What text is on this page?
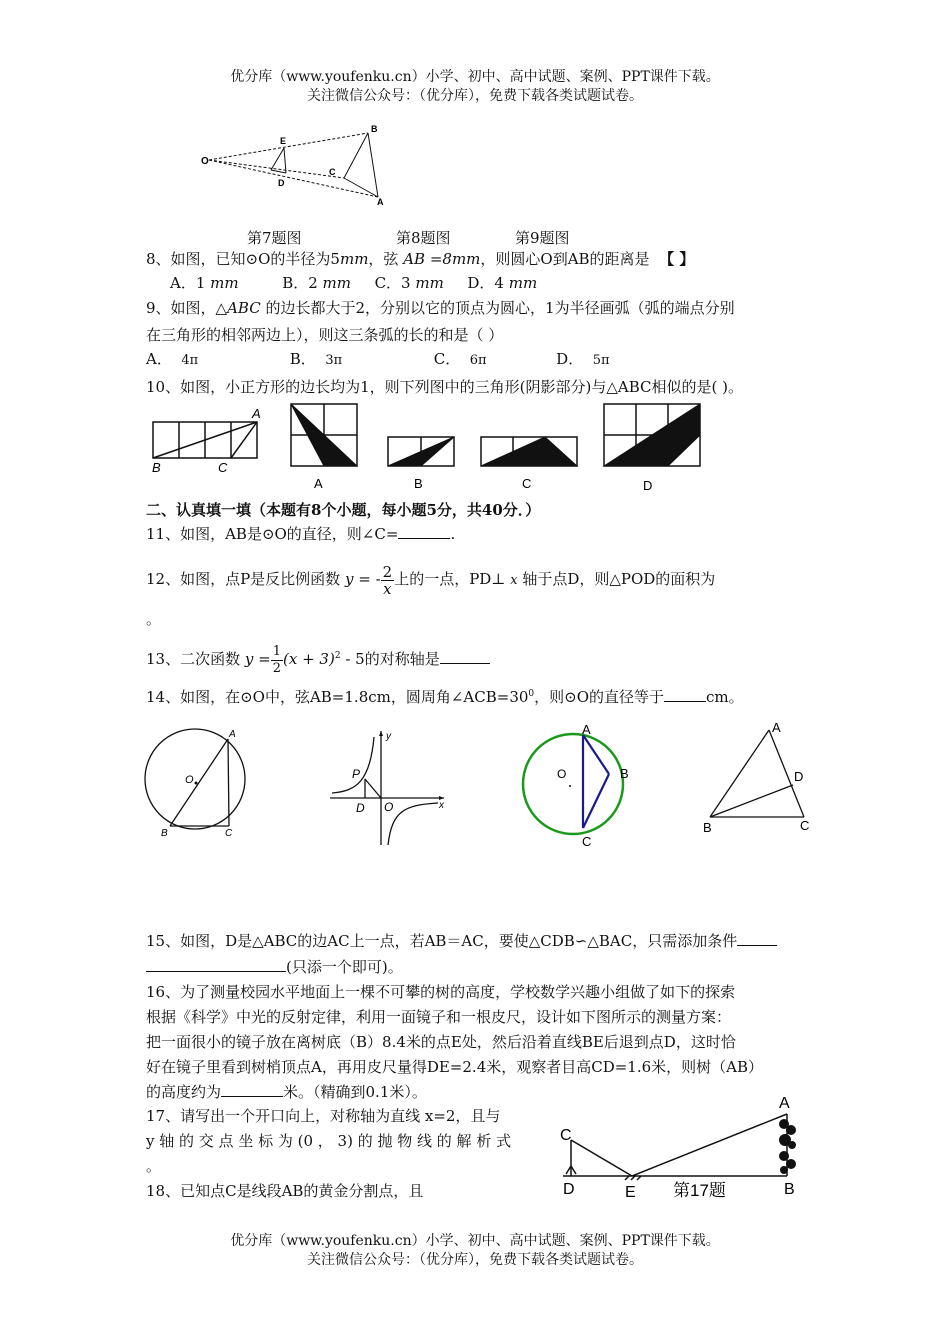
优分库（www.youfenku.cn）小学、初中、高中试题、案例、PPT课件下载。
关注微信公众号：（优分库），免费下载各类试题试卷。
O
E
D
C
B
A
第7题图	第8题图	第9题图
8、如图，已知⊙O的半径为5mm，弦 AB =8mm，则圆心O到AB的距离是 【 】
A．1 mm	B．2 mm C．3 mm D．4 mm
9、如图，△ABC 的边长都大于2，分别以它的顶点为圆心，1为半径画弧（弧的端点分别
在三角形的相邻两边上），则这三条弧的长的和是（ ）
A． 4π	B． 3π	C． 6π	D． 5π
10、如图，小正方形的边长均为1，则下列图中的三角形(阴影部分)与△ABC相似的是( )。
A
B	C
A	B	C	D
二、认真填一填（本题有8个小题，每小题5分，共40分．）
11、如图，AB是⊙O的直径，则∠C=	.
12、如图，点P是反比例函数 y = - $\frac{2}{x}$ 上的一点，PD⊥ x 轴于点D，则△POD的面积为
。
13、二次函数 $y = \frac{1}{2} (x + 3)^2 - 5$的对称轴是
14、如图，在⊙O中，弦AB=1.8cm，圆周角$\angle ACB=30^0$，则⊙O的直径等于	cm。
A
O
B	C
y
P
D O	x
A
O	B
C
A
D
B	C
15、如图，D是△ABC的边AC上一点，若AB＝AC，要使△CDB∽△BAC，只需添加条件
(只添一个即可)。
16、为了测量校园水平地面上一棵不可攀的树的高度，学校数学兴趣小组做了如下的探索
根据《科学》中光的反射定律，利用一面镜子和一根皮尺，设计如下图所示的测量方案：
把一面很小的镜子放在离树底（B）8.4米的点E处，然后沿着直线BE后退到点D，这时恰
好在镜子里看到树梢顶点A，再用皮尺量得DE=2.4米，观察者目高CD=1.6米，则树（AB）
的高度约为	米。（精确到0.1米）。
17、请写出一个开口向上，对称轴为直线 x=2，且与
y 轴 的 交 点 坐 标 为 (0 ， 3) 的 抛 物 线 的 解 析 式
。
18、已知点C是线段AB的黄金分割点，且
C
D	E
A
B
第17题
优分库（www.youfenku.cn）小学、初中、高中试题、案例、PPT课件下载。
关注微信公众号：（优分库），免费下载各类试题试卷。
